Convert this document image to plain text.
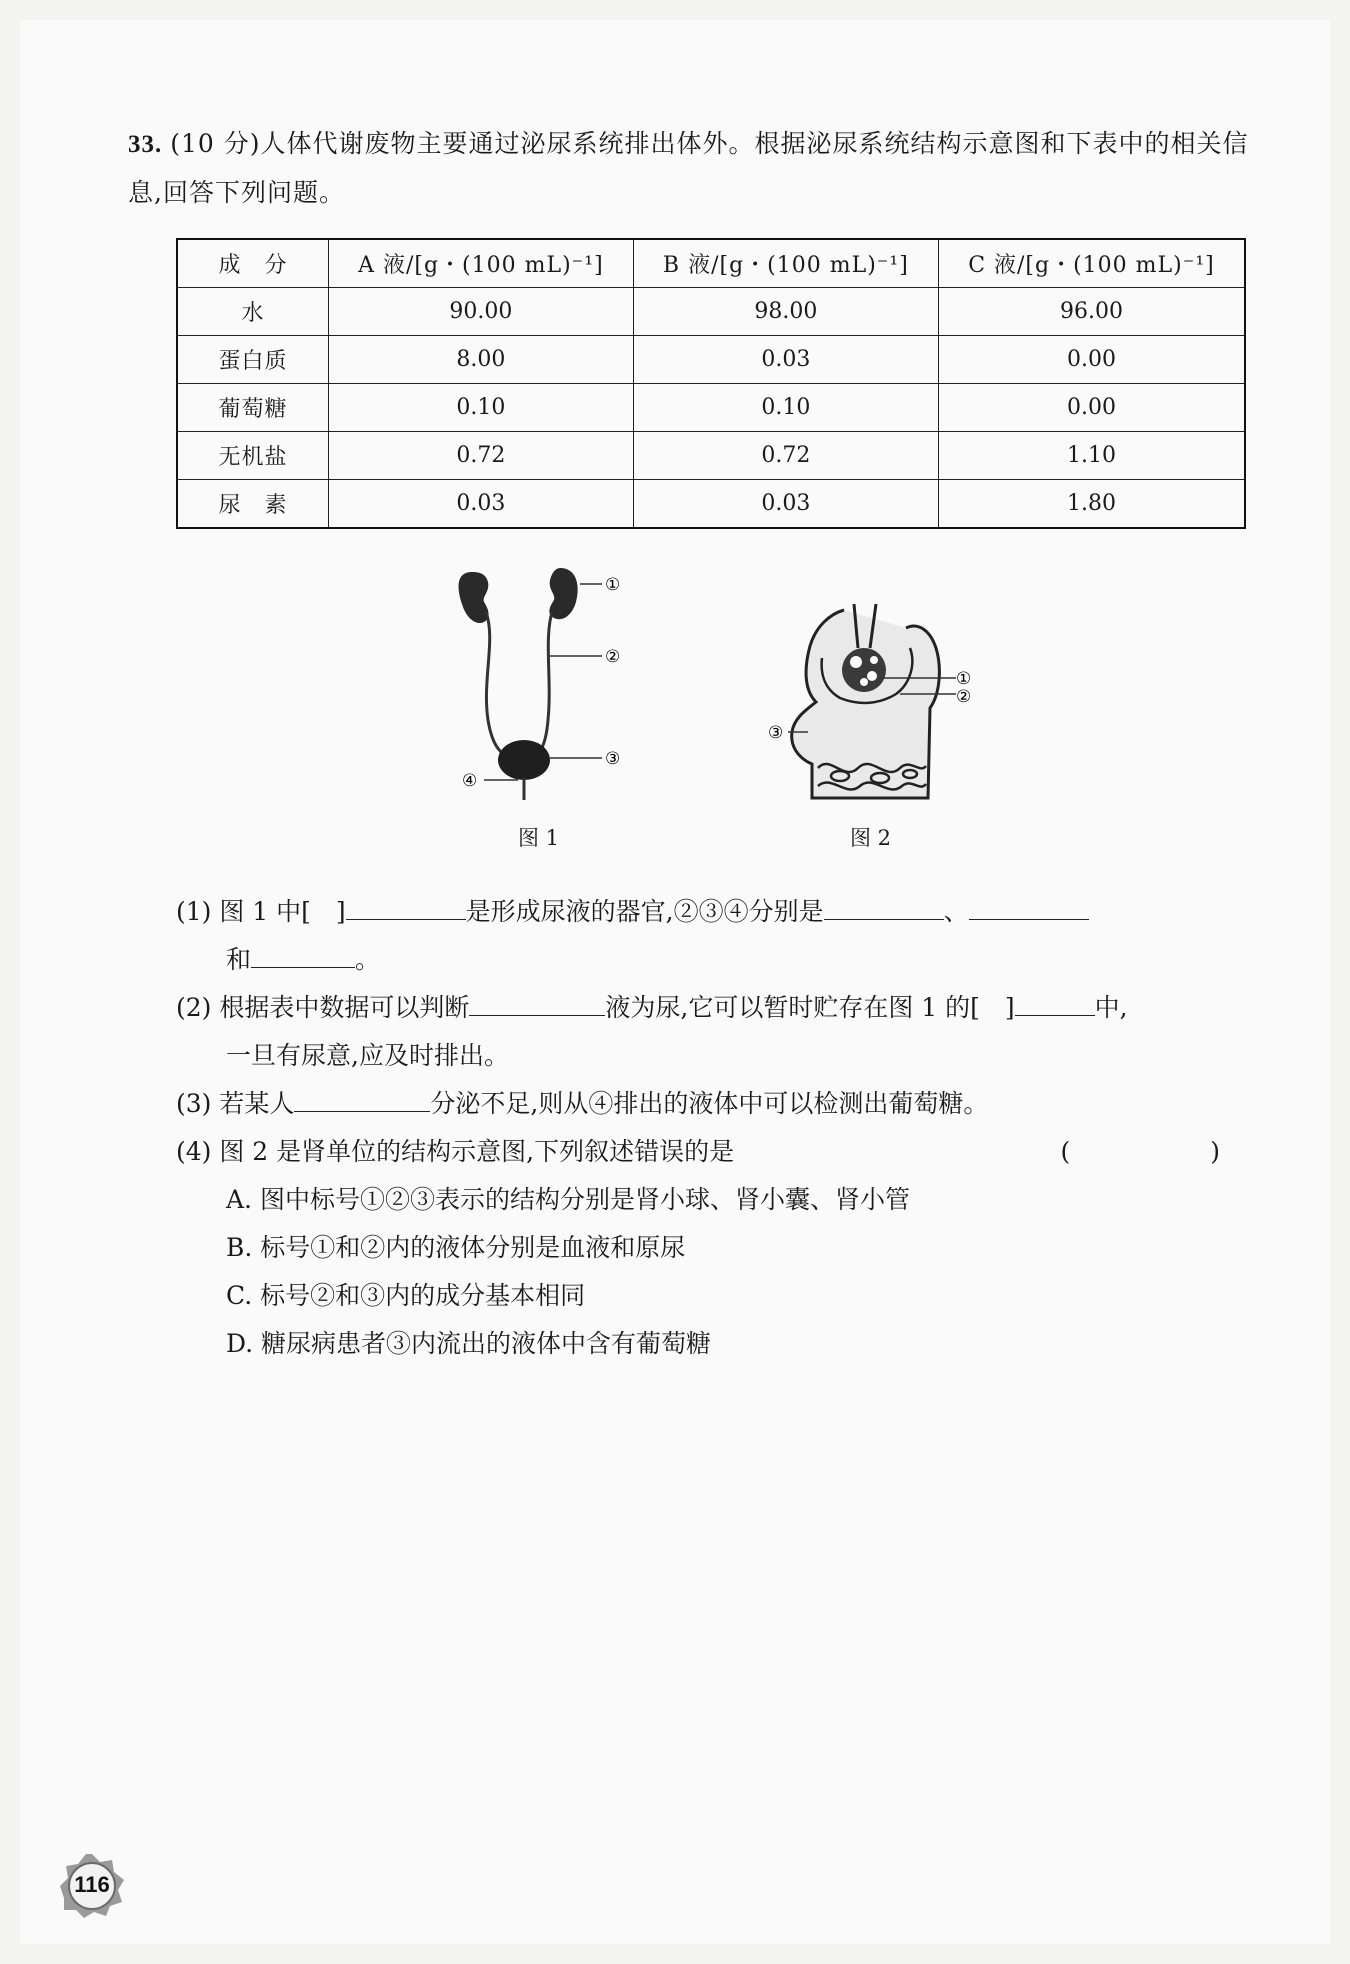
33. (10 分)人体代谢废物主要通过泌尿系统排出体外。根据泌尿系统结构示意图和下表中的相关信息,回答下列问题。
成　分	A 液/[g・(100 mL)⁻¹]	B 液/[g・(100 mL)⁻¹]	C 液/[g・(100 mL)⁻¹]
水	90.00	98.00	96.00
蛋白质	8.00	0.03	0.00
葡萄糖	0.10	0.10	0.00
无机盐	0.72	0.72	1.10
尿　素	0.03	0.03	1.80
①
②
③
④
图 1
①
②
③
图 2

(1) 图 1 中[　]	是形成尿液的器官,②③④分别是	、

和	。

(2) 根据表中数据可以判断	液为尿,它可以暂时贮存在图 1 的[　]	中,

一旦有尿意,应及时排出。

(3) 若某人	分泌不足,则从④排出的液体中可以检测出葡萄糖。

(4) 图 2 是肾单位的结构示意图,下列叙述错误的是	(　　)

A. 图中标号①②③表示的结构分别是肾小球、肾小囊、肾小管

B. 标号①和②内的液体分别是血液和原尿

C. 标号②和③内的成分基本相同

D. 糖尿病患者③内流出的液体中含有葡萄糖

116
